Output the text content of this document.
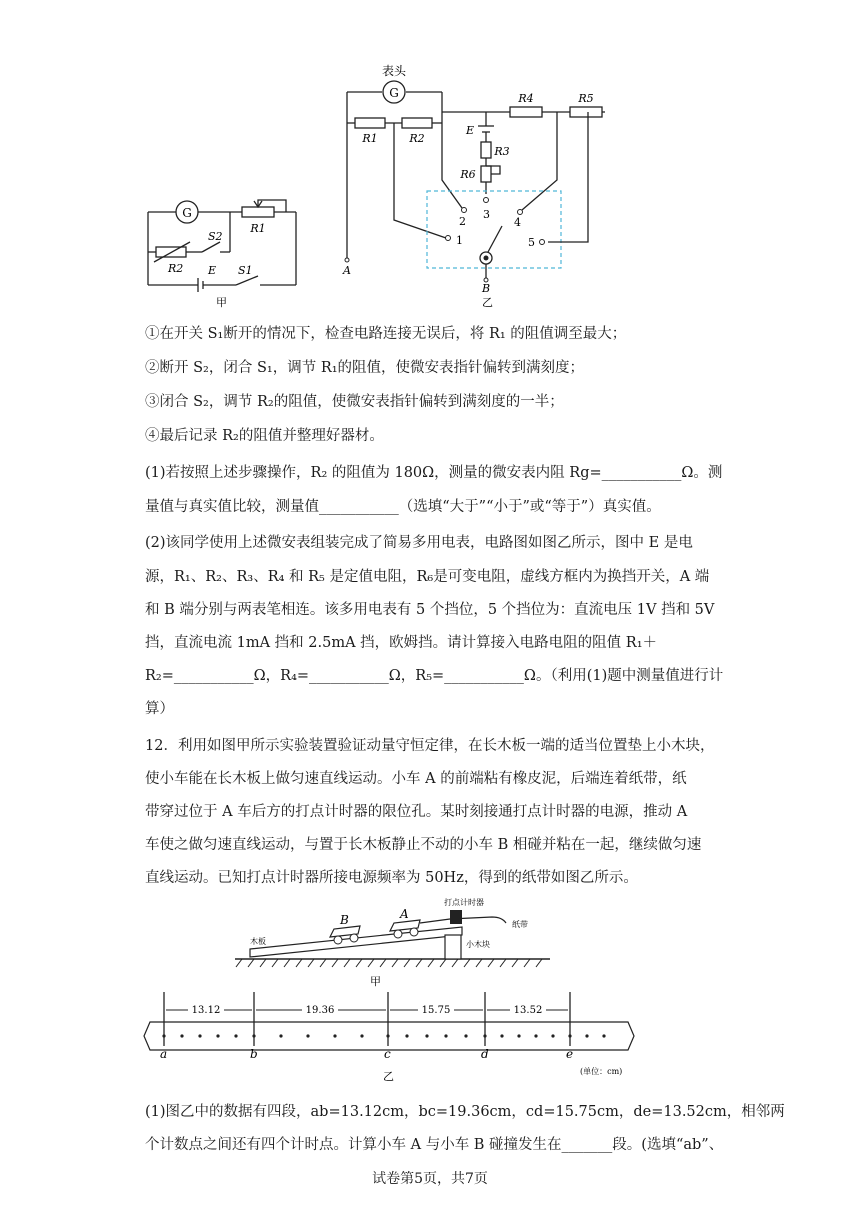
G
表头
R1	R2
R4	R5
E
R3
R6
1
2
3
4
5
A
B
乙
G
R1
S2
R2 E S1
甲
①在开关 S₁断开的情况下，检查电路连接无误后，将 R₁ 的阻值调至最大；
②断开 S₂，闭合 S₁，调节 R₁的阻值，使微安表指针偏转到满刻度；
③闭合 S₂，调节 R₂的阻值，使微安表指针偏转到满刻度的一半；
④最后记录 R₂的阻值并整理好器材。
(1)若按照上述步骤操作，R₂ 的阻值为 180Ω，测量的微安表内阻 Rg=___________Ω。测
量值与真实值比较，测量值___________（选填“大于”“小于”或“等于”）真实值。
(2)该同学使用上述微安表组装完成了简易多用电表，电路图如图乙所示，图中 E 是电
源，R₁、R₂、R₃、R₄ 和 R₅ 是定值电阻，R₆是可变电阻，虚线方框内为换挡开关，A 端
和 B 端分别与两表笔相连。该多用电表有 5 个挡位，5 个挡位为：直流电压 1V 挡和 5V
挡，直流电流 1mA 挡和 2.5mA 挡，欧姆挡。请计算接入电路电阻的阻值 R₁＋
R₂=___________Ω，R₄=___________Ω，R₅=___________Ω。（利用(1)题中测量值进行计
算）
12．利用如图甲所示实验装置验证动量守恒定律，在长木板一端的适当位置垫上小木块，
使小车能在长木板上做匀速直线运动。小车 A 的前端粘有橡皮泥，后端连着纸带，纸
带穿过位于 A 车后方的打点计时器的限位孔。某时刻接通打点计时器的电源，推动 A
车使之做匀速直线运动，与置于长木板静止不动的小车 B 相碰并粘在一起，继续做匀速
直线运动。已知打点计时器所接电源频率为 50Hz，得到的纸带如图乙所示。
B	A
打点计时器
纸带
木板	小木块
甲
13.12	19.36	15.75	13.52
a	b	c	d	e
(单位：cm)
乙
(1)图乙中的数据有四段，ab=13.12cm，bc=19.36cm，cd=15.75cm，de=13.52cm，相邻两
个计数点之间还有四个计时点。计算小车 A 与小车 B 碰撞发生在_______段。(选填“ab”、
试卷第5页，共7页
